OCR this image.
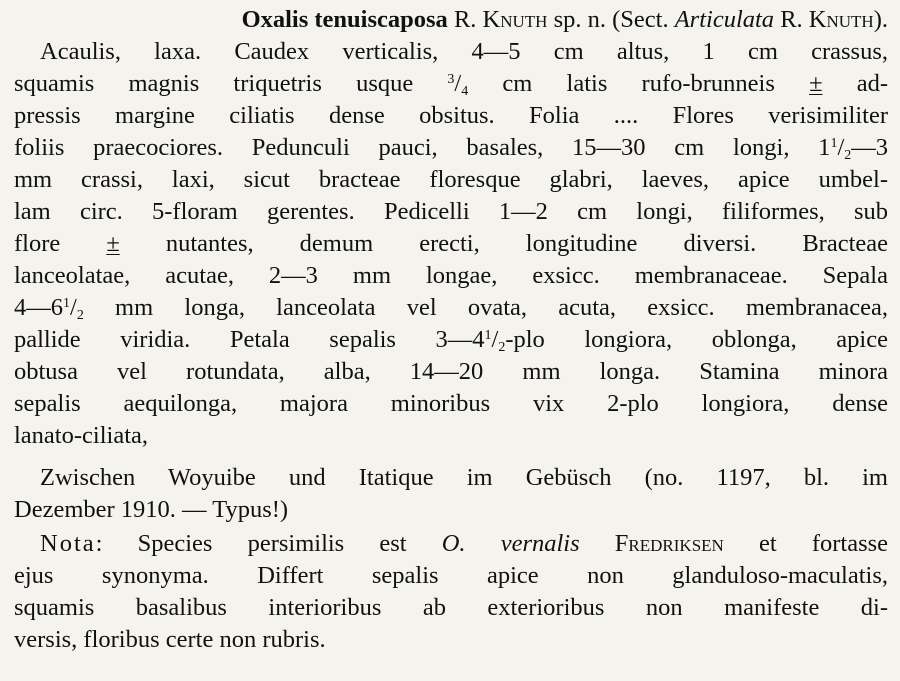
Oxalis tenuiscaposa R. Knuth sp. n. (Sect. Articulata R. Knuth).
Acaulis, laxa. Caudex verticalis, 4—5 cm altus, 1 cm crassus,
squamis magnis triquetris usque $^3/_4$ cm latis rufo-brunneis ± ad-
pressis margine ciliatis dense obsitus. Folia .... Flores verisimiliter
foliis praecociores. Pedunculi pauci, basales, 15—30 cm longi, $1^1/_2—3$
mm crassi, laxi, sicut bracteae floresque glabri, laeves, apice umbel-
lam circ. 5-floram gerentes. Pedicelli 1—2 cm longi, filiformes, sub
flore ± nutantes, demum erecti, longitudine diversi. Bracteae
lanceolatae, acutae, 2—3 mm longae, exsicc. membranaceae. Sepala
$4—6^1/_2$ mm longa, lanceolata vel ovata, acuta, exsicc. membranacea,
pallide viridia. Petala sepalis $3—4^1/_2$-plo longiora, oblonga, apice
obtusa vel rotundata, alba, 14—20 mm longa. Stamina minora
sepalis aequilonga, majora minoribus vix 2-plo longiora, dense
lanato-ciliata,
Zwischen Woyuibe und Itatique im Gebüsch (no. 1197, bl. im
Dezember 1910. — Typus!)
Nota: Species persimilis est O. vernalis Fredriksen et fortasse
ejus synonyma. Differt sepalis apice non glanduloso-maculatis,
squamis basalibus interioribus ab exterioribus non manifeste di-
versis, floribus certe non rubris.
